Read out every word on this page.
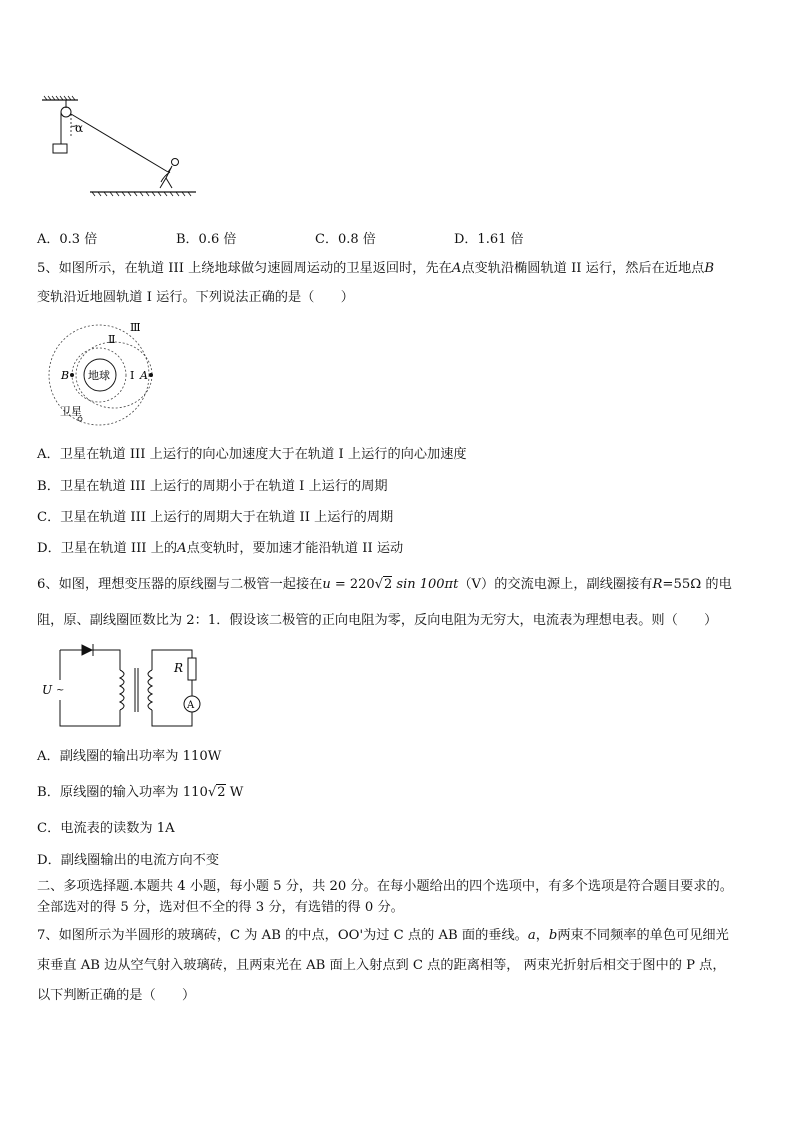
α
A．0.3 倍	B．0.6 倍	C．0.8 倍	D．1.61 倍
5、如图所示，在轨道 III 上绕地球做匀速圆周运动的卫星返回时，先在A点变轨沿椭圆轨道 II 运行，然后在近地点B
变轨沿近地圆轨道 I 运行。下列说法正确的是（　　）
地球
B	A
I
Ⅱ
Ⅲ
卫星
A．卫星在轨道 III 上运行的向心加速度大于在轨道 I 上运行的向心加速度
B．卫星在轨道 III 上运行的周期小于在轨道 I 上运行的周期
C．卫星在轨道 III 上运行的周期大于在轨道 II 上运行的周期
D．卫星在轨道 III 上的A点变轨时，要加速才能沿轨道 II 运动
6、如图，理想变压器的原线圈与二极管一起接在u = 220√2 sin 100πt（V）的交流电源上，副线圈接有R=55Ω 的电
阻，原、副线圈匝数比为 2：1．假设该二极管的正向电阻为零，反向电阻为无穷大，电流表为理想电表。则（　　）
U ~
R
A
A．副线圈的输出功率为 110W
B．原线圈的输入功率为 110√2 W
C．电流表的读数为 1A
D．副线圈输出的电流方向不变
二、多项选择题.本题共 4 小题，每小题 5 分，共 20 分。在每小题给出的四个选项中，有多个选项是符合题目要求的。
全部选对的得 5 分，选对但不全的得 3 分，有选错的得 0 分。
7、如图所示为半圆形的玻璃砖，C 为 AB 的中点，OO'为过 C 点的 AB 面的垂线。a，b两束不同频率的单色可见细光
束垂直 AB 边从空气射入玻璃砖，且两束光在 AB 面上入射点到 C 点的距离相等， 两束光折射后相交于图中的 P 点，
以下判断正确的是（　　）
